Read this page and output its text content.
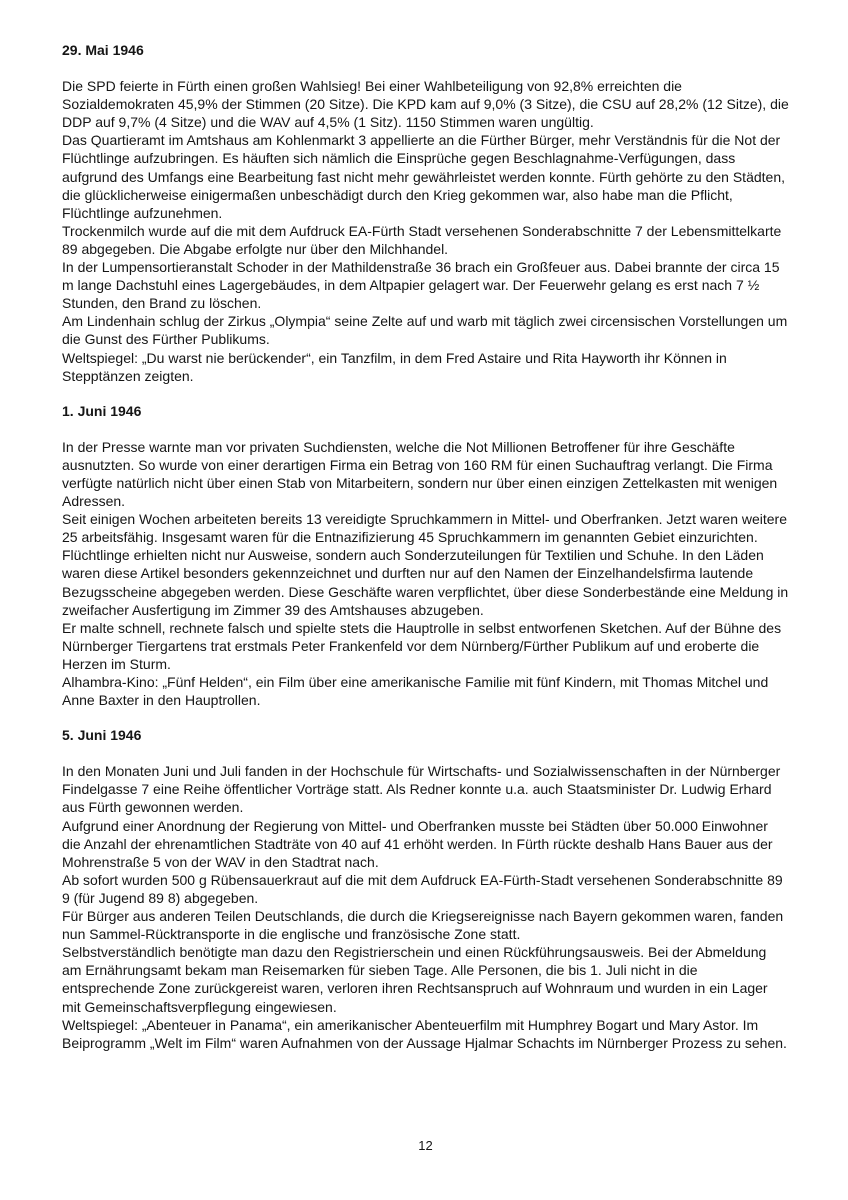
29. Mai 1946

Die SPD feierte in Fürth einen großen Wahlsieg! Bei einer Wahlbeteiligung von 92,8% erreichten die Sozialdemokraten 45,9% der Stimmen (20 Sitze). Die KPD kam auf 9,0% (3 Sitze), die CSU auf 28,2% (12 Sitze), die DDP auf 9,7% (4 Sitze) und die WAV auf 4,5% (1 Sitz). 1150 Stimmen waren ungültig.

Das Quartieramt im Amtshaus am Kohlenmarkt 3 appellierte an die Fürther Bürger, mehr Verständnis für die Not der Flüchtlinge aufzubringen. Es häuften sich nämlich die Einsprüche gegen Beschlagnahme-Verfügungen, dass aufgrund des Umfangs eine Bearbeitung fast nicht mehr gewährleistet werden konnte. Fürth gehörte zu den Städten, die glücklicherweise einigermaßen unbeschädigt durch den Krieg gekommen war, also habe man die Pflicht, Flüchtlinge aufzunehmen.

Trockenmilch wurde auf die mit dem Aufdruck EA-Fürth Stadt versehenen Sonderabschnitte 7 der Lebensmittelkarte 89 abgegeben. Die Abgabe erfolgte nur über den Milchhandel.

In der Lumpensortieranstalt Schoder in der Mathildenstraße 36 brach ein Großfeuer aus. Dabei brannte der circa 15 m lange Dachstuhl eines Lagergebäudes, in dem Altpapier gelagert war. Der Feuerwehr gelang es erst nach 7 ½ Stunden, den Brand zu löschen.

Am Lindenhain schlug der Zirkus „Olympia“ seine Zelte auf und warb mit täglich zwei circensischen Vorstellungen um die Gunst des Fürther Publikums.

Weltspiegel: „Du warst nie berückender“, ein Tanzfilm, in dem Fred Astaire und Rita Hayworth ihr Können in Stepptänzen zeigten.

1. Juni 1946

In der Presse warnte man vor privaten Suchdiensten, welche die Not Millionen Betroffener für ihre Geschäfte ausnutzten. So wurde von einer derartigen Firma ein Betrag von 160 RM für einen Suchauftrag verlangt. Die Firma verfügte natürlich nicht über einen Stab von Mitarbeitern, sondern nur über einen einzigen Zettelkasten mit wenigen Adressen.

Seit einigen Wochen arbeiteten bereits 13 vereidigte Spruchkammern in Mittel- und Oberfranken. Jetzt waren weitere 25 arbeitsfähig. Insgesamt waren für die Entnazifizierung 45 Spruchkammern im genannten Gebiet einzurichten.

Flüchtlinge erhielten nicht nur Ausweise, sondern auch Sonderzuteilungen für Textilien und Schuhe. In den Läden waren diese Artikel besonders gekennzeichnet und durften nur auf den Namen der Einzelhandelsfirma lautende Bezugsscheine abgegeben werden. Diese Geschäfte waren verpflichtet, über diese Sonderbestände eine Meldung in zweifacher Ausfertigung im Zimmer 39 des Amtshauses abzugeben.

Er malte schnell, rechnete falsch und spielte stets die Hauptrolle in selbst entworfenen Sketchen. Auf der Bühne des Nürnberger Tiergartens trat erstmals Peter Frankenfeld vor dem Nürnberg/Fürther Publikum auf und eroberte die Herzen im Sturm.

Alhambra-Kino: „Fünf Helden“, ein Film über eine amerikanische Familie mit fünf Kindern, mit Thomas Mitchel und Anne Baxter in den Hauptrollen.

5. Juni 1946

In den Monaten Juni und Juli fanden in der Hochschule für Wirtschafts- und Sozialwissenschaften in der Nürnberger Findelgasse 7 eine Reihe öffentlicher Vorträge statt. Als Redner konnte u.a. auch Staatsminister Dr. Ludwig Erhard aus Fürth gewonnen werden.

Aufgrund einer Anordnung der Regierung von Mittel- und Oberfranken musste bei Städten über 50.000 Einwohner die Anzahl der ehrenamtlichen Stadträte von 40 auf 41 erhöht werden. In Fürth rückte deshalb Hans Bauer aus der Mohrenstraße 5 von der WAV in den Stadtrat nach.

Ab sofort wurden 500 g Rübensauerkraut auf die mit dem Aufdruck EA-Fürth-Stadt versehenen Sonderabschnitte 89 9 (für Jugend 89 8) abgegeben.

Für Bürger aus anderen Teilen Deutschlands, die durch die Kriegsereignisse nach Bayern gekommen waren, fanden nun Sammel-Rücktransporte in die englische und französische Zone statt.

Selbstverständlich benötigte man dazu den Registrierschein und einen Rückführungsausweis. Bei der Abmeldung am Ernährungsamt bekam man Reisemarken für sieben Tage. Alle Personen, die bis 1. Juli nicht in die entsprechende Zone zurückgereist waren, verloren ihren Rechtsanspruch auf Wohnraum und wurden in ein Lager mit Gemeinschaftsverpflegung eingewiesen.

Weltspiegel: „Abenteuer in Panama“, ein amerikanischer Abenteuerfilm mit Humphrey Bogart und Mary Astor. Im Beiprogramm „Welt im Film“ waren Aufnahmen von der Aussage Hjalmar Schachts im Nürnberger Prozess zu sehen.

12
